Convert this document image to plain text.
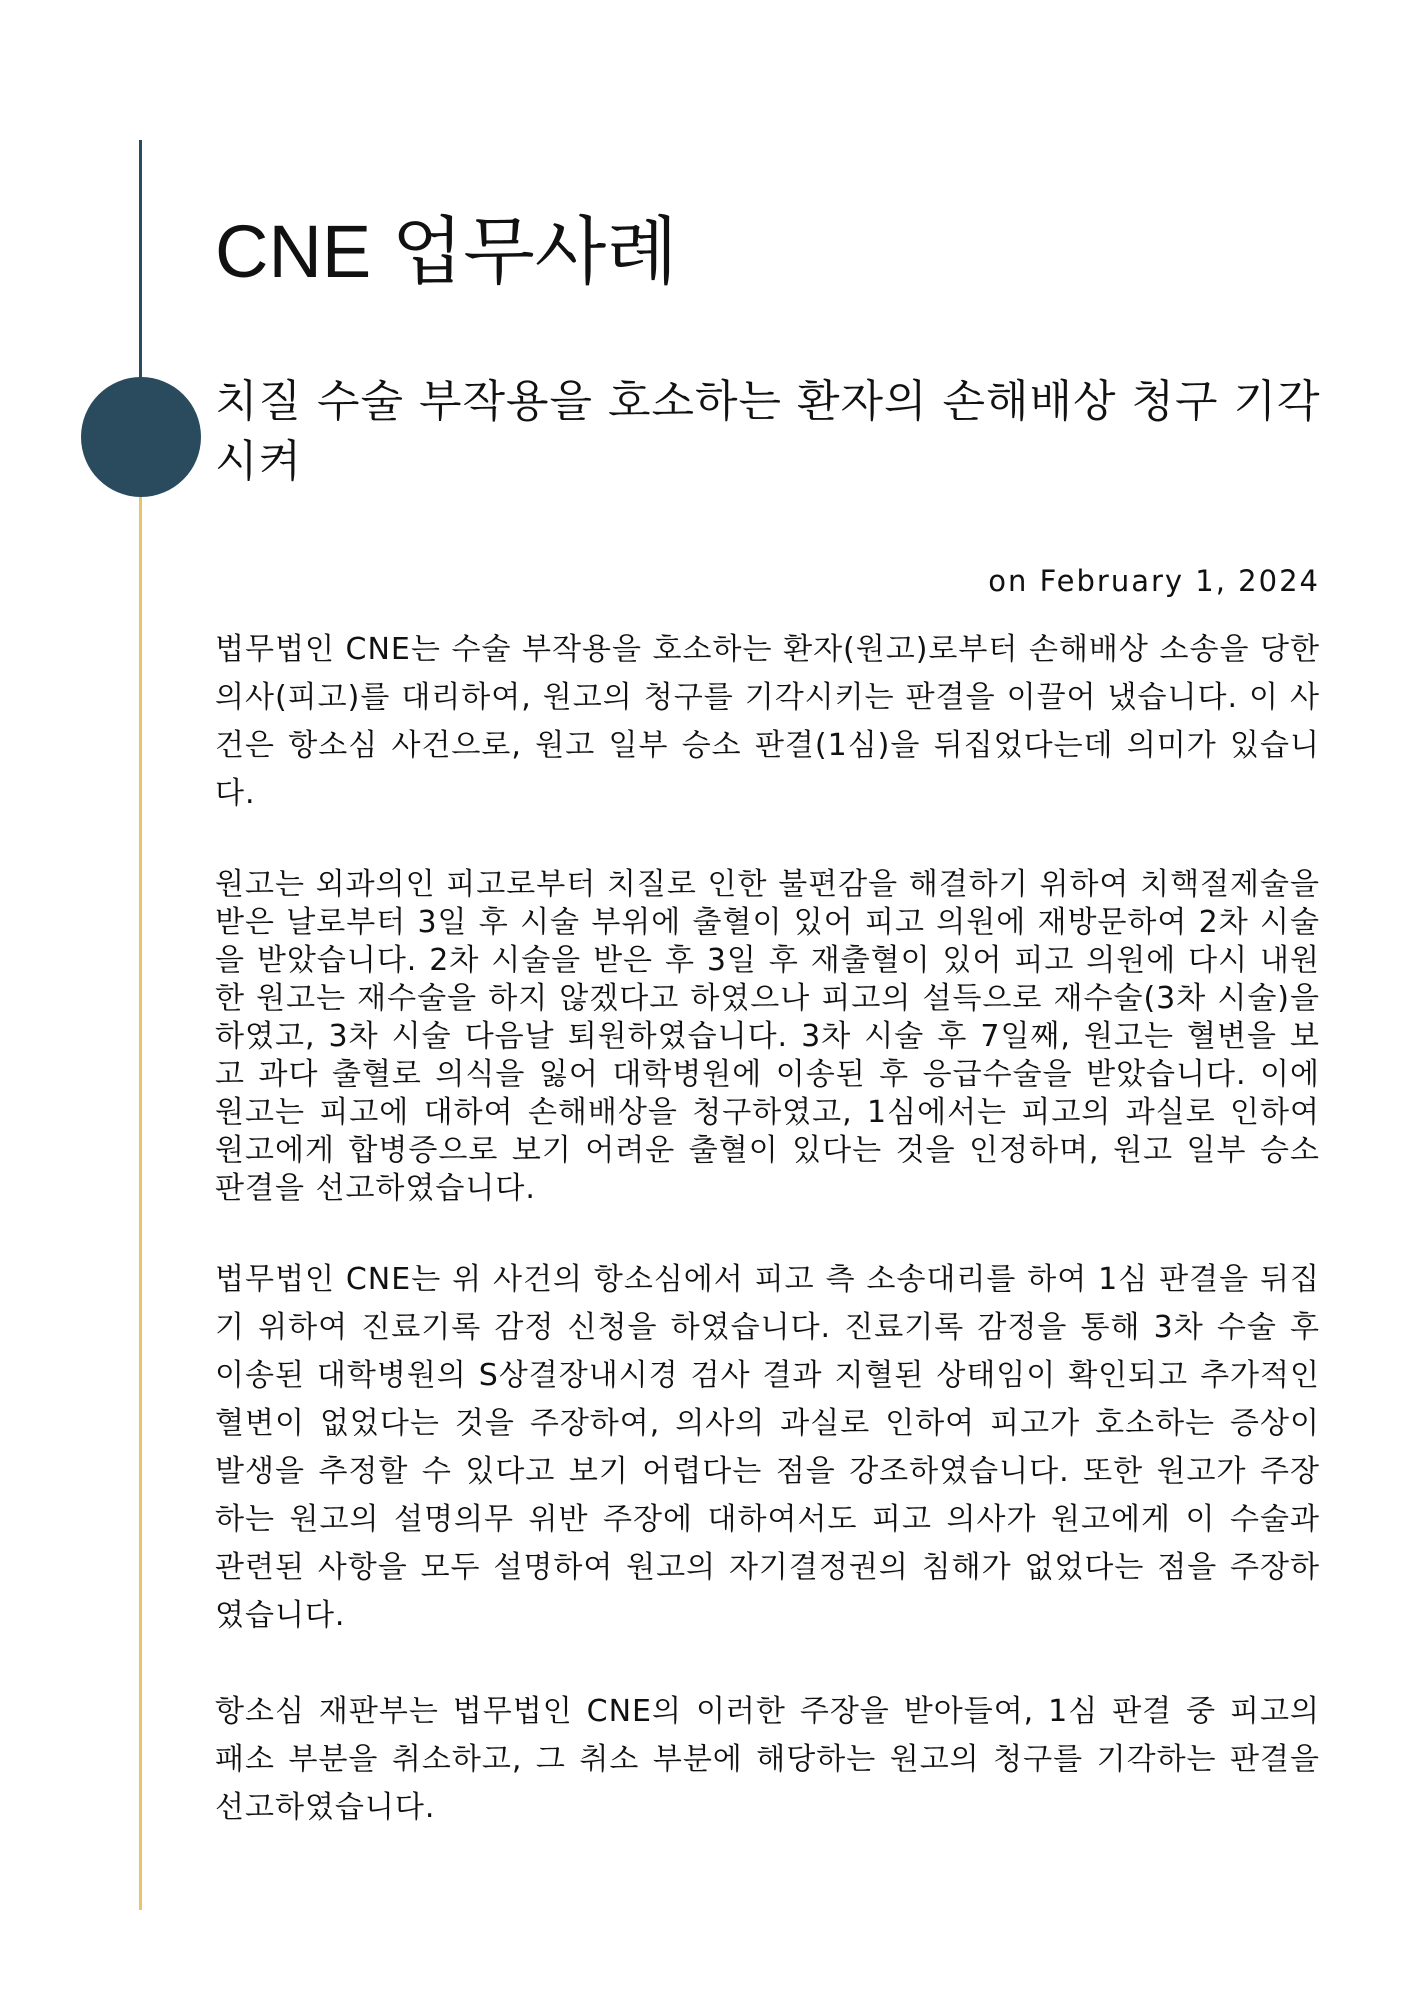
CNE 업무사례
치질 수술 부작용을 호소하는 환자의 손해배상 청구 기각시켜
on February 1, 2024

법무법인 CNE는 수술 부작용을 호소하는 환자(원고)로부터 손해배상 소송을 당한 의사(피고)를 대리하여, 원고의 청구를 기각시키는 판결을 이끌어 냈습니다. 이 사건은 항소심 사건으로, 원고 일부 승소 판결(1심)을 뒤집었다는데 의미가 있습니다.

원고는 외과의인 피고로부터 치질로 인한 불편감을 해결하기 위하여 치핵절제술을 받은 날로부터 3일 후 시술 부위에 출혈이 있어 피고 의원에 재방문하여 2차 시술을 받았습니다. 2차 시술을 받은 후 3일 후 재출혈이 있어 피고 의원에 다시 내원한 원고는 재수술을 하지 않겠다고 하였으나 피고의 설득으로 재수술(3차 시술)을 하였고, 3차 시술 다음날 퇴원하였습니다. 3차 시술 후 7일째, 원고는 혈변을 보고 과다 출혈로 의식을 잃어 대학병원에 이송된 후 응급수술을 받았습니다. 이에 원고는 피고에 대하여 손해배상을 청구하였고, 1심에서는 피고의 과실로 인하여 원고에게 합병증으로 보기 어려운 출혈이 있다는 것을 인정하며, 원고 일부 승소 판결을 선고하였습니다.

법무법인 CNE는 위 사건의 항소심에서 피고 측 소송대리를 하여 1심 판결을 뒤집기 위하여 진료기록 감정 신청을 하였습니다. 진료기록 감정을 통해 3차 수술 후 이송된 대학병원의 S상결장내시경 검사 결과 지혈된 상태임이 확인되고 추가적인 혈변이 없었다는 것을 주장하여, 의사의 과실로 인하여 피고가 호소하는 증상이 발생을 추정할 수 있다고 보기 어렵다는 점을 강조하였습니다. 또한 원고가 주장하는 원고의 설명의무 위반 주장에 대하여서도 피고 의사가 원고에게 이 수술과 관련된 사항을 모두 설명하여 원고의 자기결정권의 침해가 없었다는 점을 주장하였습니다.

항소심 재판부는 법무법인 CNE의 이러한 주장을 받아들여, 1심 판결 중 피고의 패소 부분을 취소하고, 그 취소 부분에 해당하는 원고의 청구를 기각하는 판결을 선고하였습니다.
